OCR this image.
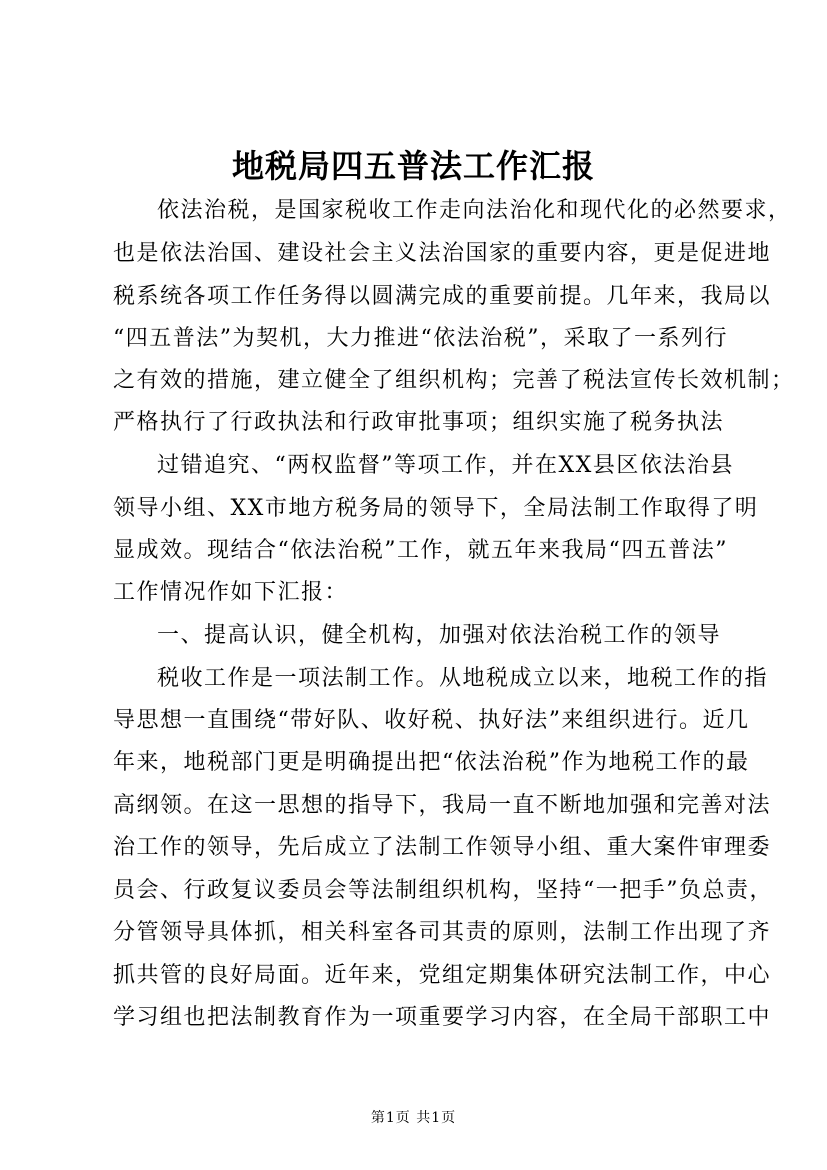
地税局四五普法工作汇报
依法治税，是国家税收工作走向法治化和现代化的必然要求，
也是依法治国、建设社会主义法治国家的重要内容，更是促进地
税系统各项工作任务得以圆满完成的重要前提。几年来，我局以
“四五普法”为契机，大力推进“依法治税”，采取了一系列行
之有效的措施，建立健全了组织机构；完善了税法宣传长效机制；
严格执行了行政执法和行政审批事项；组织实施了税务执法
过错追究、“两权监督”等项工作，并在XX县区依法治县
领导小组、XX市地方税务局的领导下，全局法制工作取得了明
显成效。现结合“依法治税”工作，就五年来我局“四五普法”
工作情况作如下汇报：
一、提高认识，健全机构，加强对依法治税工作的领导
税收工作是一项法制工作。从地税成立以来，地税工作的指
导思想一直围绕“带好队、收好税、执好法”来组织进行。近几
年来，地税部门更是明确提出把“依法治税”作为地税工作的最
高纲领。在这一思想的指导下，我局一直不断地加强和完善对法
治工作的领导，先后成立了法制工作领导小组、重大案件审理委
员会、行政复议委员会等法制组织机构，坚持“一把手”负总责，
分管领导具体抓，相关科室各司其责的原则，法制工作出现了齐
抓共管的良好局面。近年来，党组定期集体研究法制工作，中心
学习组也把法制教育作为一项重要学习内容，在全局干部职工中
第1页 共1页
